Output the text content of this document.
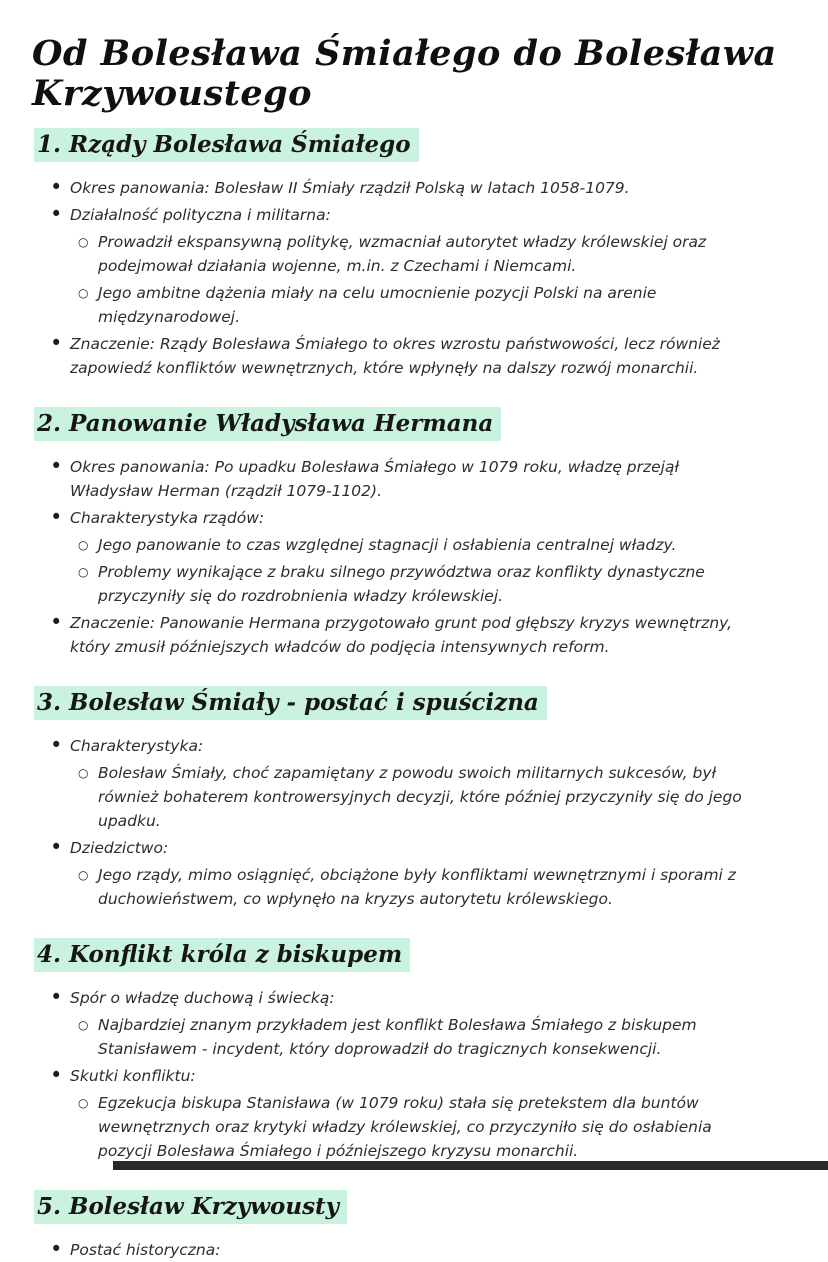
Od Bolesława Śmiałego do Bolesława Krzywoustego
1. Rządy Bolesława Śmiałego
• Okres panowania: Bolesław II Śmiały rządził Polską w latach 1058-1079.
• Działalność polityczna i militarna:
○ Prowadził ekspansywną politykę, wzmacniał autorytet władzy królewskiej oraz podejmował działania wojenne, m.in. z Czechami i Niemcami.
○ Jego ambitne dążenia miały na celu umocnienie pozycji Polski na arenie międzynarodowej.
• Znaczenie: Rządy Bolesława Śmiałego to okres wzrostu państwowości, lecz również zapowiedź konfliktów wewnętrznych, które wpłynęły na dalszy rozwój monarchii.
2. Panowanie Władysława Hermana
• Okres panowania: Po upadku Bolesława Śmiałego w 1079 roku, władzę przejął Władysław Herman (rządził 1079-1102).
• Charakterystyka rządów:
○ Jego panowanie to czas względnej stagnacji i osłabienia centralnej władzy.
○ Problemy wynikające z braku silnego przywództwa oraz konflikty dynastyczne przyczyniły się do rozdrobnienia władzy królewskiej.
• Znaczenie: Panowanie Hermana przygotowało grunt pod głębszy kryzys wewnętrzny, który zmusił późniejszych władców do podjęcia intensywnych reform.
3. Bolesław Śmiały - postać i spuścizna
• Charakterystyka:
○ Bolesław Śmiały, choć zapamiętany z powodu swoich militarnych sukcesów, był również bohaterem kontrowersyjnych decyzji, które później przyczyniły się do jego upadku.
• Dziedzictwo:
○ Jego rządy, mimo osiągnięć, obciążone były konfliktami wewnętrznymi i sporami z duchowieństwem, co wpłynęło na kryzys autorytetu królewskiego.
4. Konflikt króla z biskupem
• Spór o władzę duchową i świecką:
○ Najbardziej znanym przykładem jest konflikt Bolesława Śmiałego z biskupem Stanisławem - incydent, który doprowadził do tragicznych konsekwencji.
• Skutki konfliktu:
○ Egzekucja biskupa Stanisława (w 1079 roku) stała się pretekstem dla buntów wewnętrznych oraz krytyki władzy królewskiej, co przyczyniło się do osłabienia pozycji Bolesława Śmiałego i późniejszego kryzysu monarchii.
5. Bolesław Krzywousty
• Postać historyczna:
